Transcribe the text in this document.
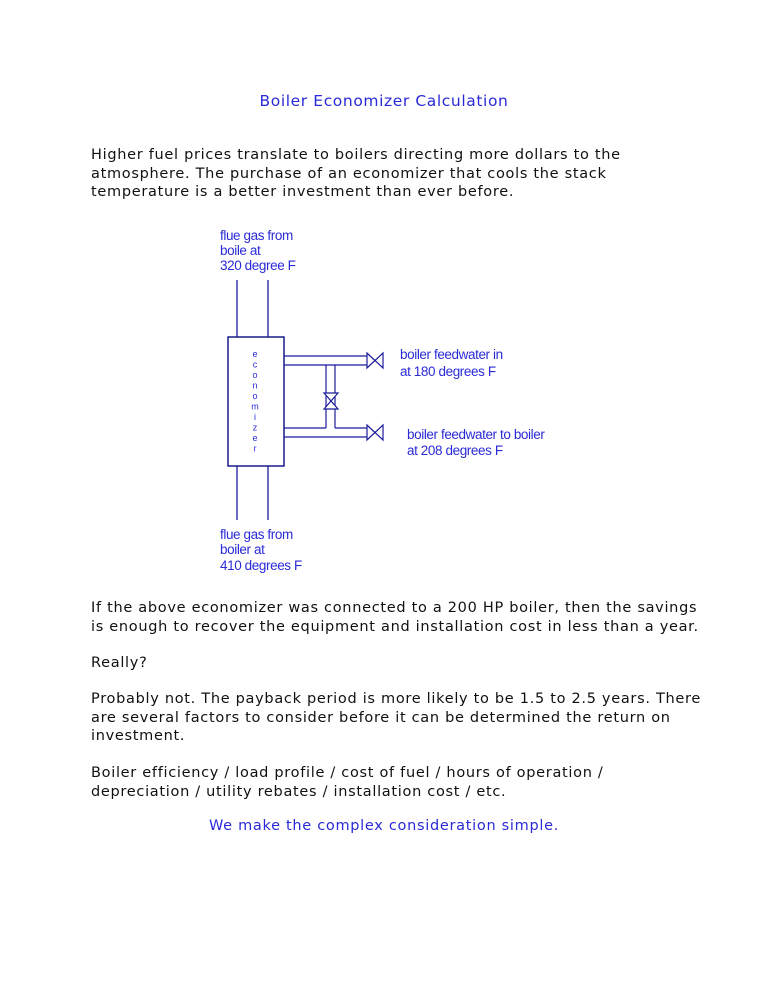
Boiler Economizer Calculation

Higher fuel prices translate to boilers directing more dollars to the
atmosphere. The purchase of an economizer that cools the stack
temperature is a better investment than ever before.

e
c
o
n
o
m
i
z
e
r
flue gas from
boile at
320 degree F
flue gas from
boiler at
410 degrees F
boiler feedwater in
at 180 degrees F
boiler feedwater to boiler
at 208 degrees F

If the above economizer was connected to a 200 HP boiler, then the savings
is enough to recover the equipment and installation cost in less than a year.

Really?

Probably not. The payback period is more likely to be 1.5 to 2.5 years. There
are several factors to consider before it can be determined the return on
investment.

Boiler efficiency / load profile / cost of fuel / hours of operation /
depreciation / utility rebates / installation cost / etc.

We make the complex consideration simple.
